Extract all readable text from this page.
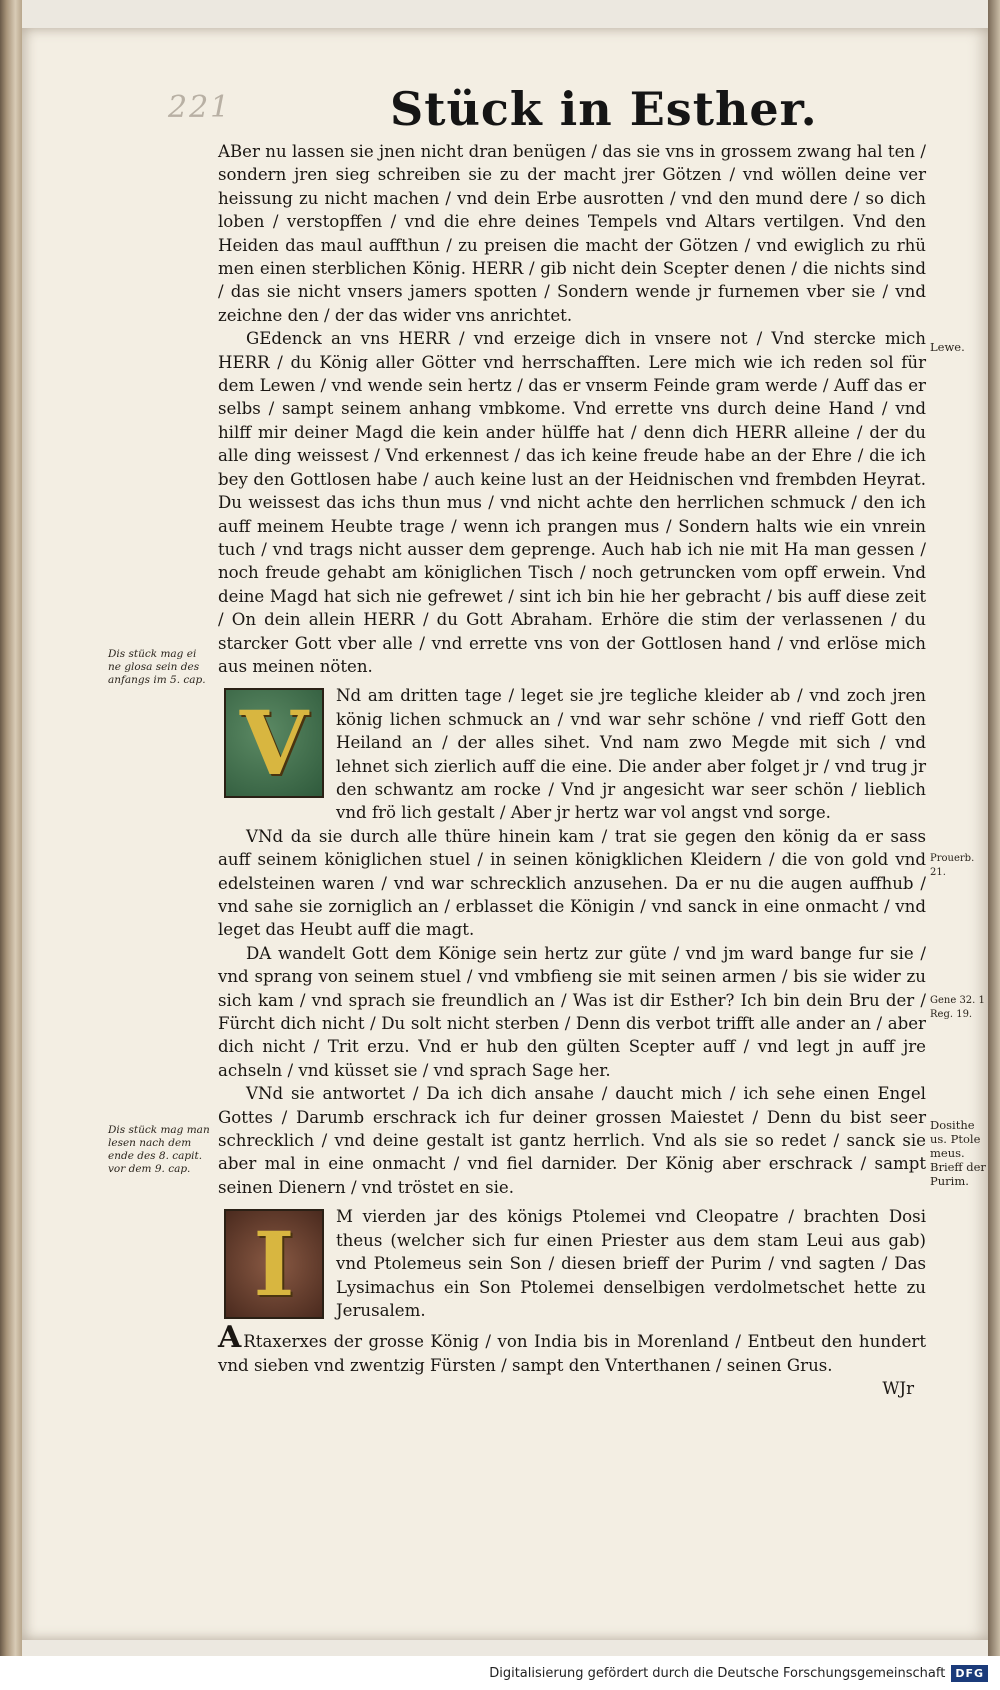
221	Stück in Esther.

ABer nu lassen sie jnen nicht dran benügen / das sie vns in grossem zwang hal ten / sondern jren sieg schreiben sie zu der macht jrer Götzen / vnd wöllen deine ver heissung zu nicht machen / vnd dein Erbe ausrotten / vnd den mund dere / so dich loben / verstopffen / vnd die ehre deines Tempels vnd Altars vertilgen. Vnd den Heiden das maul auffthun / zu preisen die macht der Götzen / vnd ewiglich zu rhü men einen sterblichen König. HERR / gib nicht dein Scepter denen / die nichts sind / das sie nicht vnsers jamers spotten / Sondern wende jr furnemen vber sie / vnd zeichne den / der das wider vns anrichtet.

GEdenck an vns HERR / vnd erzeige dich in vnsere not / Vnd stercke mich HERR / du König aller Götter vnd herrschafften. Lere mich wie ich reden sol für dem Lewen / vnd wende sein hertz / das er vnserm Feinde gram werde / Auff das er selbs / sampt seinem anhang vmbkome. Vnd errette vns durch deine Hand / vnd hilff mir deiner Magd die kein ander hülffe hat / denn dich HERR alleine / der du alle ding weissest / Vnd erkennest / das ich keine freude habe an der Ehre / die ich bey den Gottlosen habe / auch keine lust an der Heidnischen vnd frembden Heyrat. Du weissest das ichs thun mus / vnd nicht achte den herrlichen schmuck / den ich auff meinem Heubte trage / wenn ich prangen mus / Sondern halts wie ein vnrein tuch / vnd trags nicht ausser dem geprenge. Auch hab ich nie mit Ha man gessen / noch freude gehabt am königlichen Tisch / noch getruncken vom opff erwein. Vnd deine Magd hat sich nie gefrewet / sint ich bin hie her gebracht / bis auff diese zeit / On dein allein HERR / du Gott Abraham. Erhöre die stim der verlassenen / du starcker Gott vber alle / vnd errette vns von der Gottlosen hand / vnd erlöse mich aus meinen nöten.

V	Nd am dritten tage / leget sie jre tegliche kleider ab / vnd zoch jren könig lichen schmuck an / vnd war sehr schöne / vnd rieff Gott den Heiland an / der alles sihet. Vnd nam zwo Megde mit sich / vnd lehnet sich zierlich auff die eine. Die ander aber folget jr / vnd trug jr den schwantz am rocke / Vnd jr angesicht war seer schön / lieblich vnd frö lich gestalt / Aber jr hertz war vol angst vnd sorge.

VNd da sie durch alle thüre hinein kam / trat sie gegen den könig da er sass auff seinem königlichen stuel / in seinen königklichen Kleidern / die von gold vnd edelsteinen waren / vnd war schrecklich anzusehen. Da er nu die augen auffhub / vnd sahe sie zorniglich an / erblasset die Königin / vnd sanck in eine onmacht / vnd leget das Heubt auff die magt.

DA wandelt Gott dem Könige sein hertz zur güte / vnd jm ward bange fur sie / vnd sprang von seinem stuel / vnd vmbfieng sie mit seinen armen / bis sie wider zu sich kam / vnd sprach sie freundlich an / Was ist dir Esther? Ich bin dein Bru der / Fürcht dich nicht / Du solt nicht sterben / Denn dis verbot trifft alle ander an / aber dich nicht / Trit erzu. Vnd er hub den gülten Scepter auff / vnd legt jn auff jre achseln / vnd küsset sie / vnd sprach Sage her.

VNd sie antwortet / Da ich dich ansahe / daucht mich / ich sehe einen Engel Gottes / Darumb erschrack ich fur deiner grossen Maiestet / Denn du bist seer schrecklich / vnd deine gestalt ist gantz herrlich. Vnd als sie so redet / sanck sie aber mal in eine onmacht / vnd fiel darnider. Der König aber erschrack / sampt seinen Dienern / vnd tröstet en sie.

I	M vierden jar des königs Ptolemei vnd Cleopatre / brachten Dosi theus (welcher sich fur einen Priester aus dem stam Leui aus gab) vnd Ptolemeus sein Son / diesen brieff der Purim / vnd sagten / Das Lysimachus ein Son Ptolemei denselbigen verdolmetschet hette zu Jerusalem.

A Rtaxerxes der grosse König / von India bis in Morenland / Entbeut den hundert vnd sieben vnd zwentzig Fürsten / sampt den Vnterthanen / seinen Grus.

WJr
Dis stück mag ei ne glosa sein des anfangs im 5. cap.
Dis stück mag man lesen nach dem ende des 8. capit. vor dem 9. cap.
Lewe.
Prouerb. 21.
Gene 32. 1 Reg. 19.
Dosithe us. Ptole meus. Brieff der Purim.
Digitalisierung gefördert durch die Deutsche Forschungsgemeinschaft DFG
